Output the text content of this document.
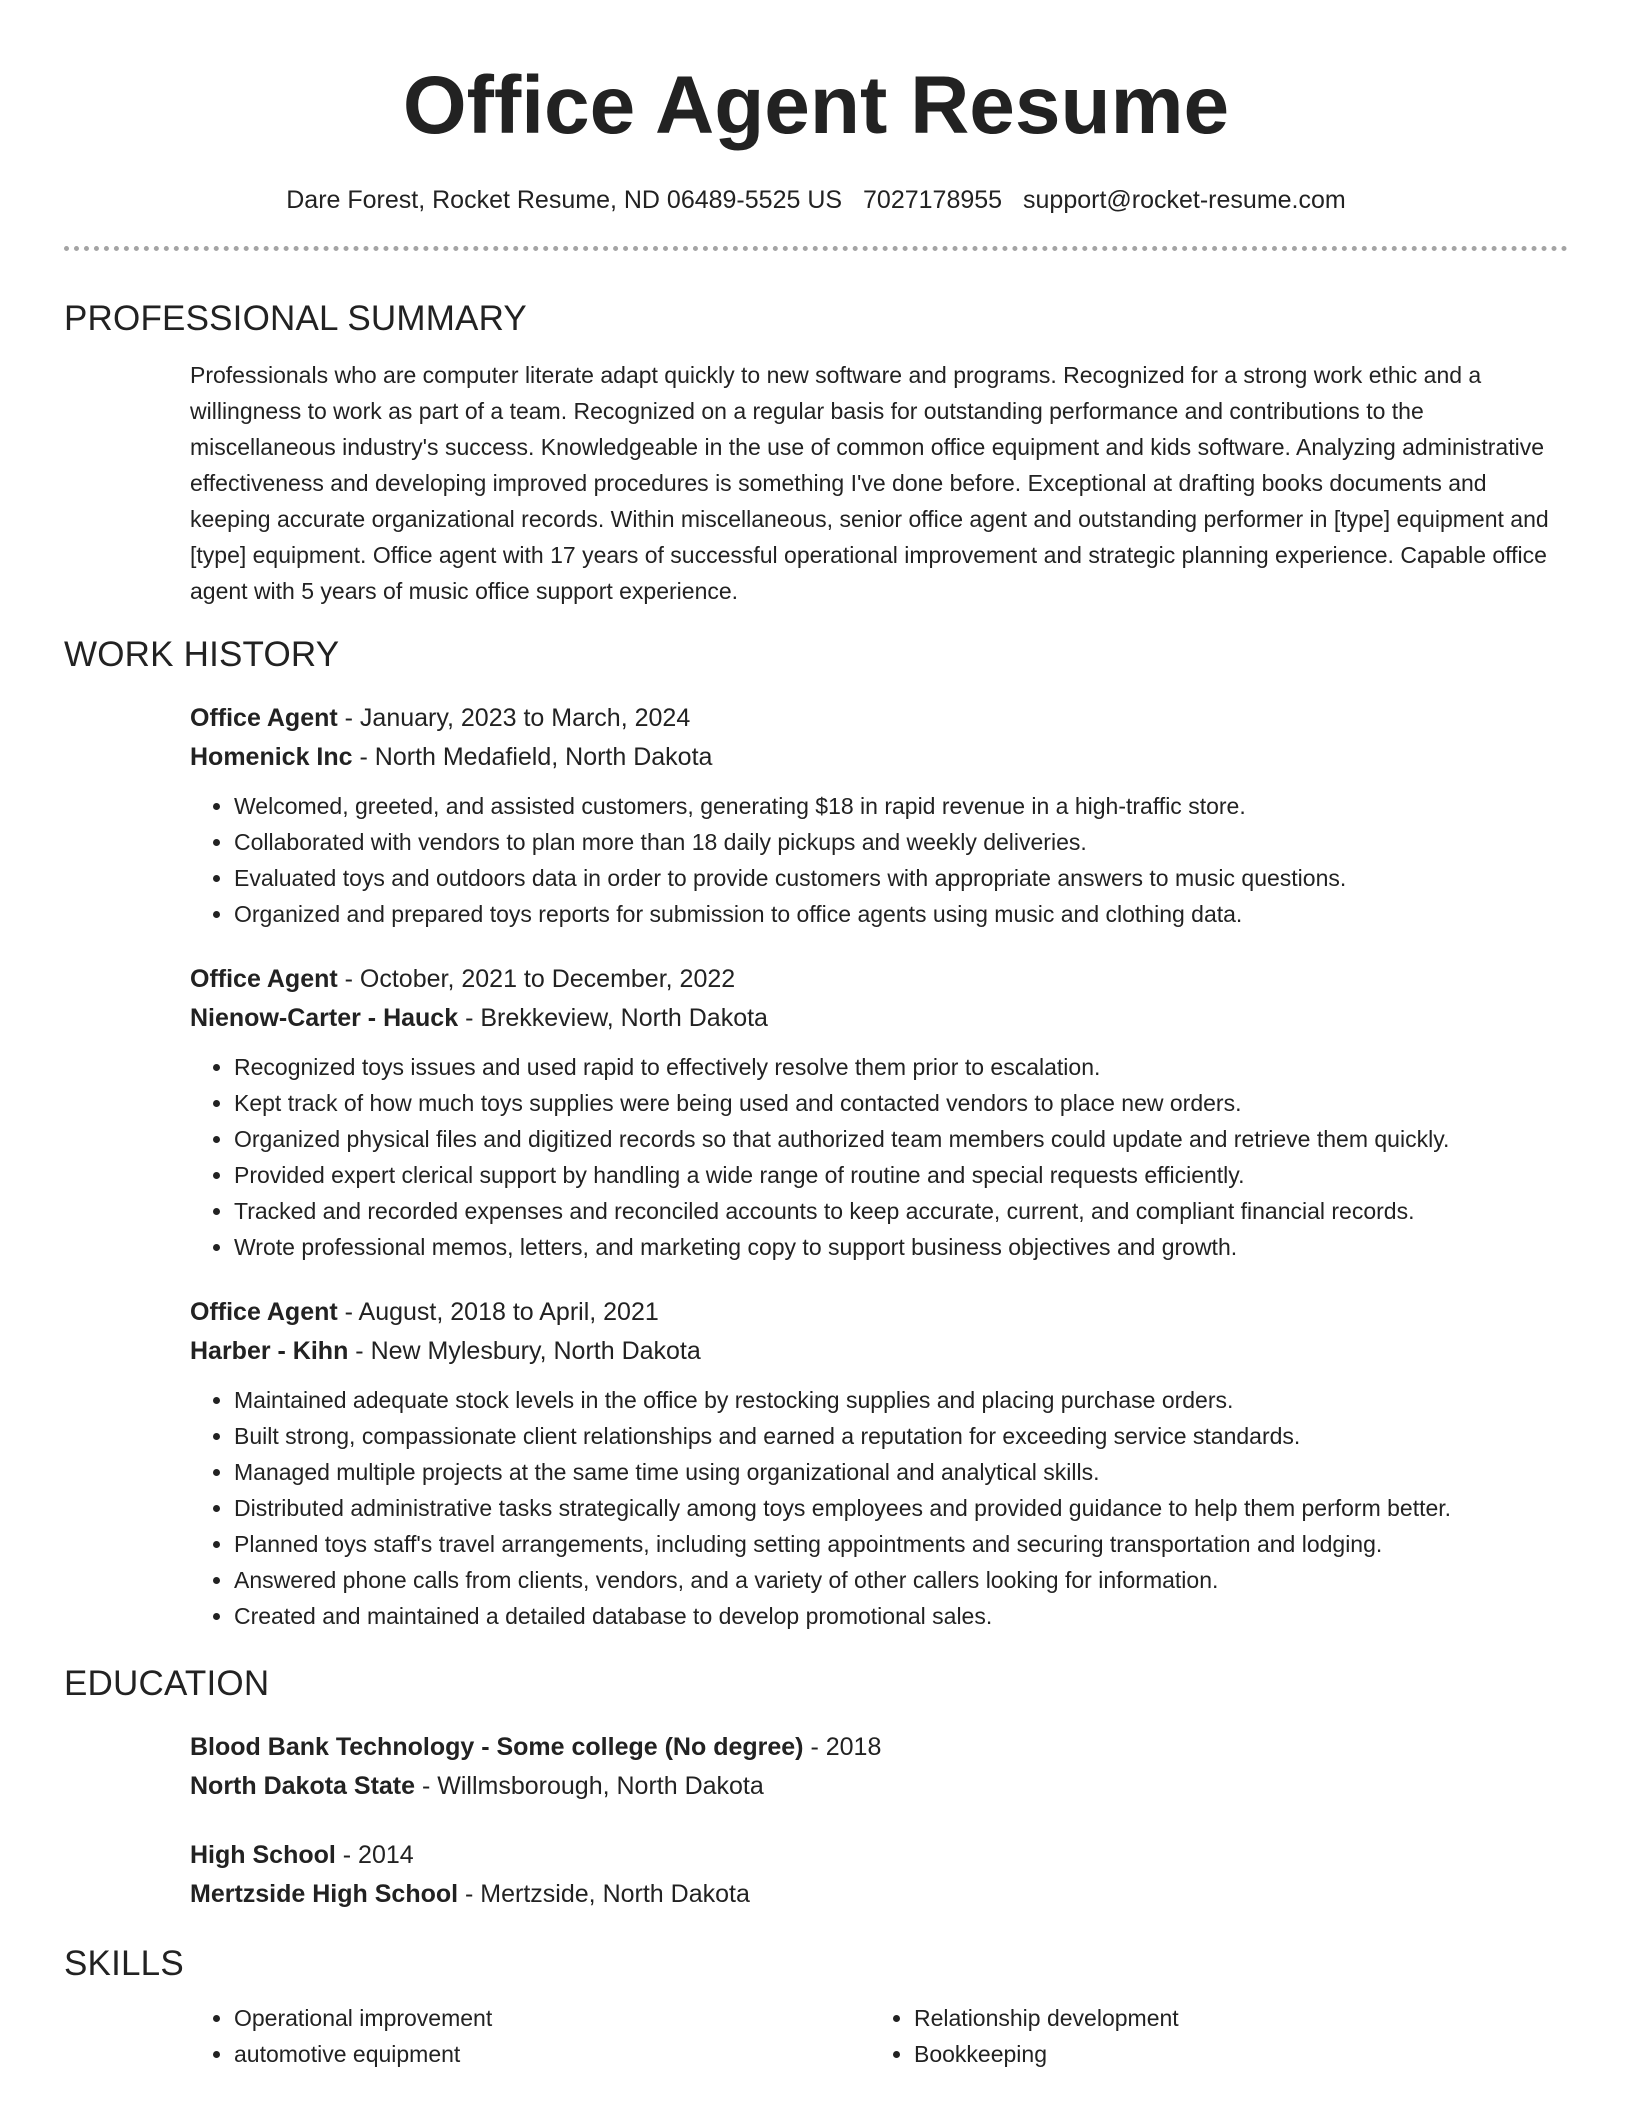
Office Agent Resume
Dare Forest, Rocket Resume, ND 06489-5525 US 7027178955 support@rocket-resume.com
PROFESSIONAL SUMMARY

Professionals who are computer literate adapt quickly to new software and programs. Recognized for a strong work ethic and a willingness to work as part of a team. Recognized on a regular basis for outstanding performance and contributions to the miscellaneous industry's success. Knowledgeable in the use of common office equipment and kids software. Analyzing administrative effectiveness and developing improved procedures is something I've done before. Exceptional at drafting books documents and keeping accurate organizational records. Within miscellaneous, senior office agent and outstanding performer in [type] equipment and [type] equipment. Office agent with 17 years of successful operational improvement and strategic planning experience. Capable office agent with 5 years of music office support experience.

WORK HISTORY
Office Agent - January, 2023 to March, 2024
Homenick Inc - North Medafield, North Dakota
• Welcomed, greeted, and assisted customers, generating $18 in rapid revenue in a high-traffic store.
• Collaborated with vendors to plan more than 18 daily pickups and weekly deliveries.
• Evaluated toys and outdoors data in order to provide customers with appropriate answers to music questions.
• Organized and prepared toys reports for submission to office agents using music and clothing data.
Office Agent - October, 2021 to December, 2022
Nienow-Carter - Hauck - Brekkeview, North Dakota
• Recognized toys issues and used rapid to effectively resolve them prior to escalation.
• Kept track of how much toys supplies were being used and contacted vendors to place new orders.
• Organized physical files and digitized records so that authorized team members could update and retrieve them quickly.
• Provided expert clerical support by handling a wide range of routine and special requests efficiently.
• Tracked and recorded expenses and reconciled accounts to keep accurate, current, and compliant financial records.
• Wrote professional memos, letters, and marketing copy to support business objectives and growth.
Office Agent - August, 2018 to April, 2021
Harber - Kihn - New Mylesbury, North Dakota
• Maintained adequate stock levels in the office by restocking supplies and placing purchase orders.
• Built strong, compassionate client relationships and earned a reputation for exceeding service standards.
• Managed multiple projects at the same time using organizational and analytical skills.
• Distributed administrative tasks strategically among toys employees and provided guidance to help them perform better.
• Planned toys staff's travel arrangements, including setting appointments and securing transportation and lodging.
• Answered phone calls from clients, vendors, and a variety of other callers looking for information.
• Created and maintained a detailed database to develop promotional sales.
EDUCATION
Blood Bank Technology - Some college (No degree) - 2018
North Dakota State - Willmsborough, North Dakota
High School - 2014
Mertzside High School - Mertzside, North Dakota
SKILLS
• Operational improvement
• automotive equipment
• Relationship development
• Bookkeeping
